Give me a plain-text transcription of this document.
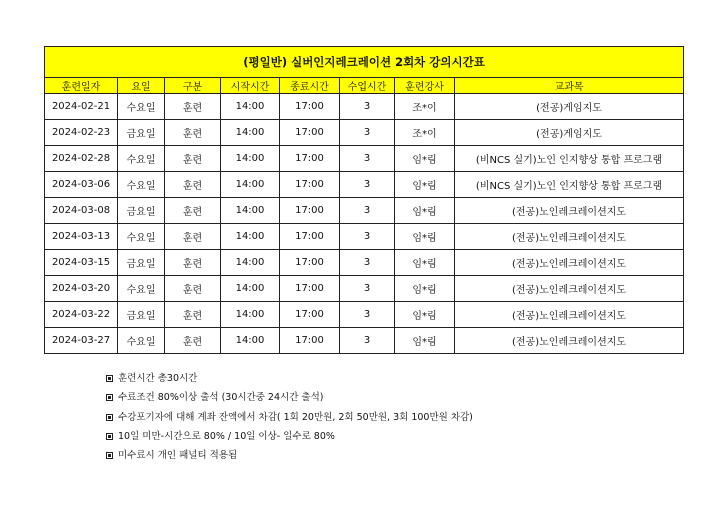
(평일반) 실버인지레크레이션 2회차 강의시간표							
훈련일자	요일	구분	시작시간	종료시간	수업시간	훈련강사	교과목
2024-02-21	수요일	훈련	14:00	17:00	3	조*이	(전공)게임지도
2024-02-23	금요일	훈련	14:00	17:00	3	조*이	(전공)게임지도
2024-02-28	수요일	훈련	14:00	17:00	3	임*림	(비NCS 실기)노인 인지향상 통합 프로그램
2024-03-06	수요일	훈련	14:00	17:00	3	임*림	(비NCS 실기)노인 인지향상 통합 프로그램
2024-03-08	금요일	훈련	14:00	17:00	3	임*림	(전공)노인레크레이션지도
2024-03-13	수요일	훈련	14:00	17:00	3	임*림	(전공)노인레크레이션지도
2024-03-15	금요일	훈련	14:00	17:00	3	임*림	(전공)노인레크레이션지도
2024-03-20	수요일	훈련	14:00	17:00	3	임*림	(전공)노인레크레이션지도
2024-03-22	금요일	훈련	14:00	17:00	3	임*림	(전공)노인레크레이션지도
2024-03-27	수요일	훈련	14:00	17:00	3	임*림	(전공)노인레크레이션지도
훈련시간 총30시간
수료조건 80%이상 출석 (30시간중 24시간 출석)
수강포기자에 대해 계좌 잔액에서 차감( 1회 20만원, 2회 50만원, 3회 100만원 차감)
10일 미만-시간으로 80% / 10일 이상- 일수로 80%
미수료시 개인 패널티 적용됨
